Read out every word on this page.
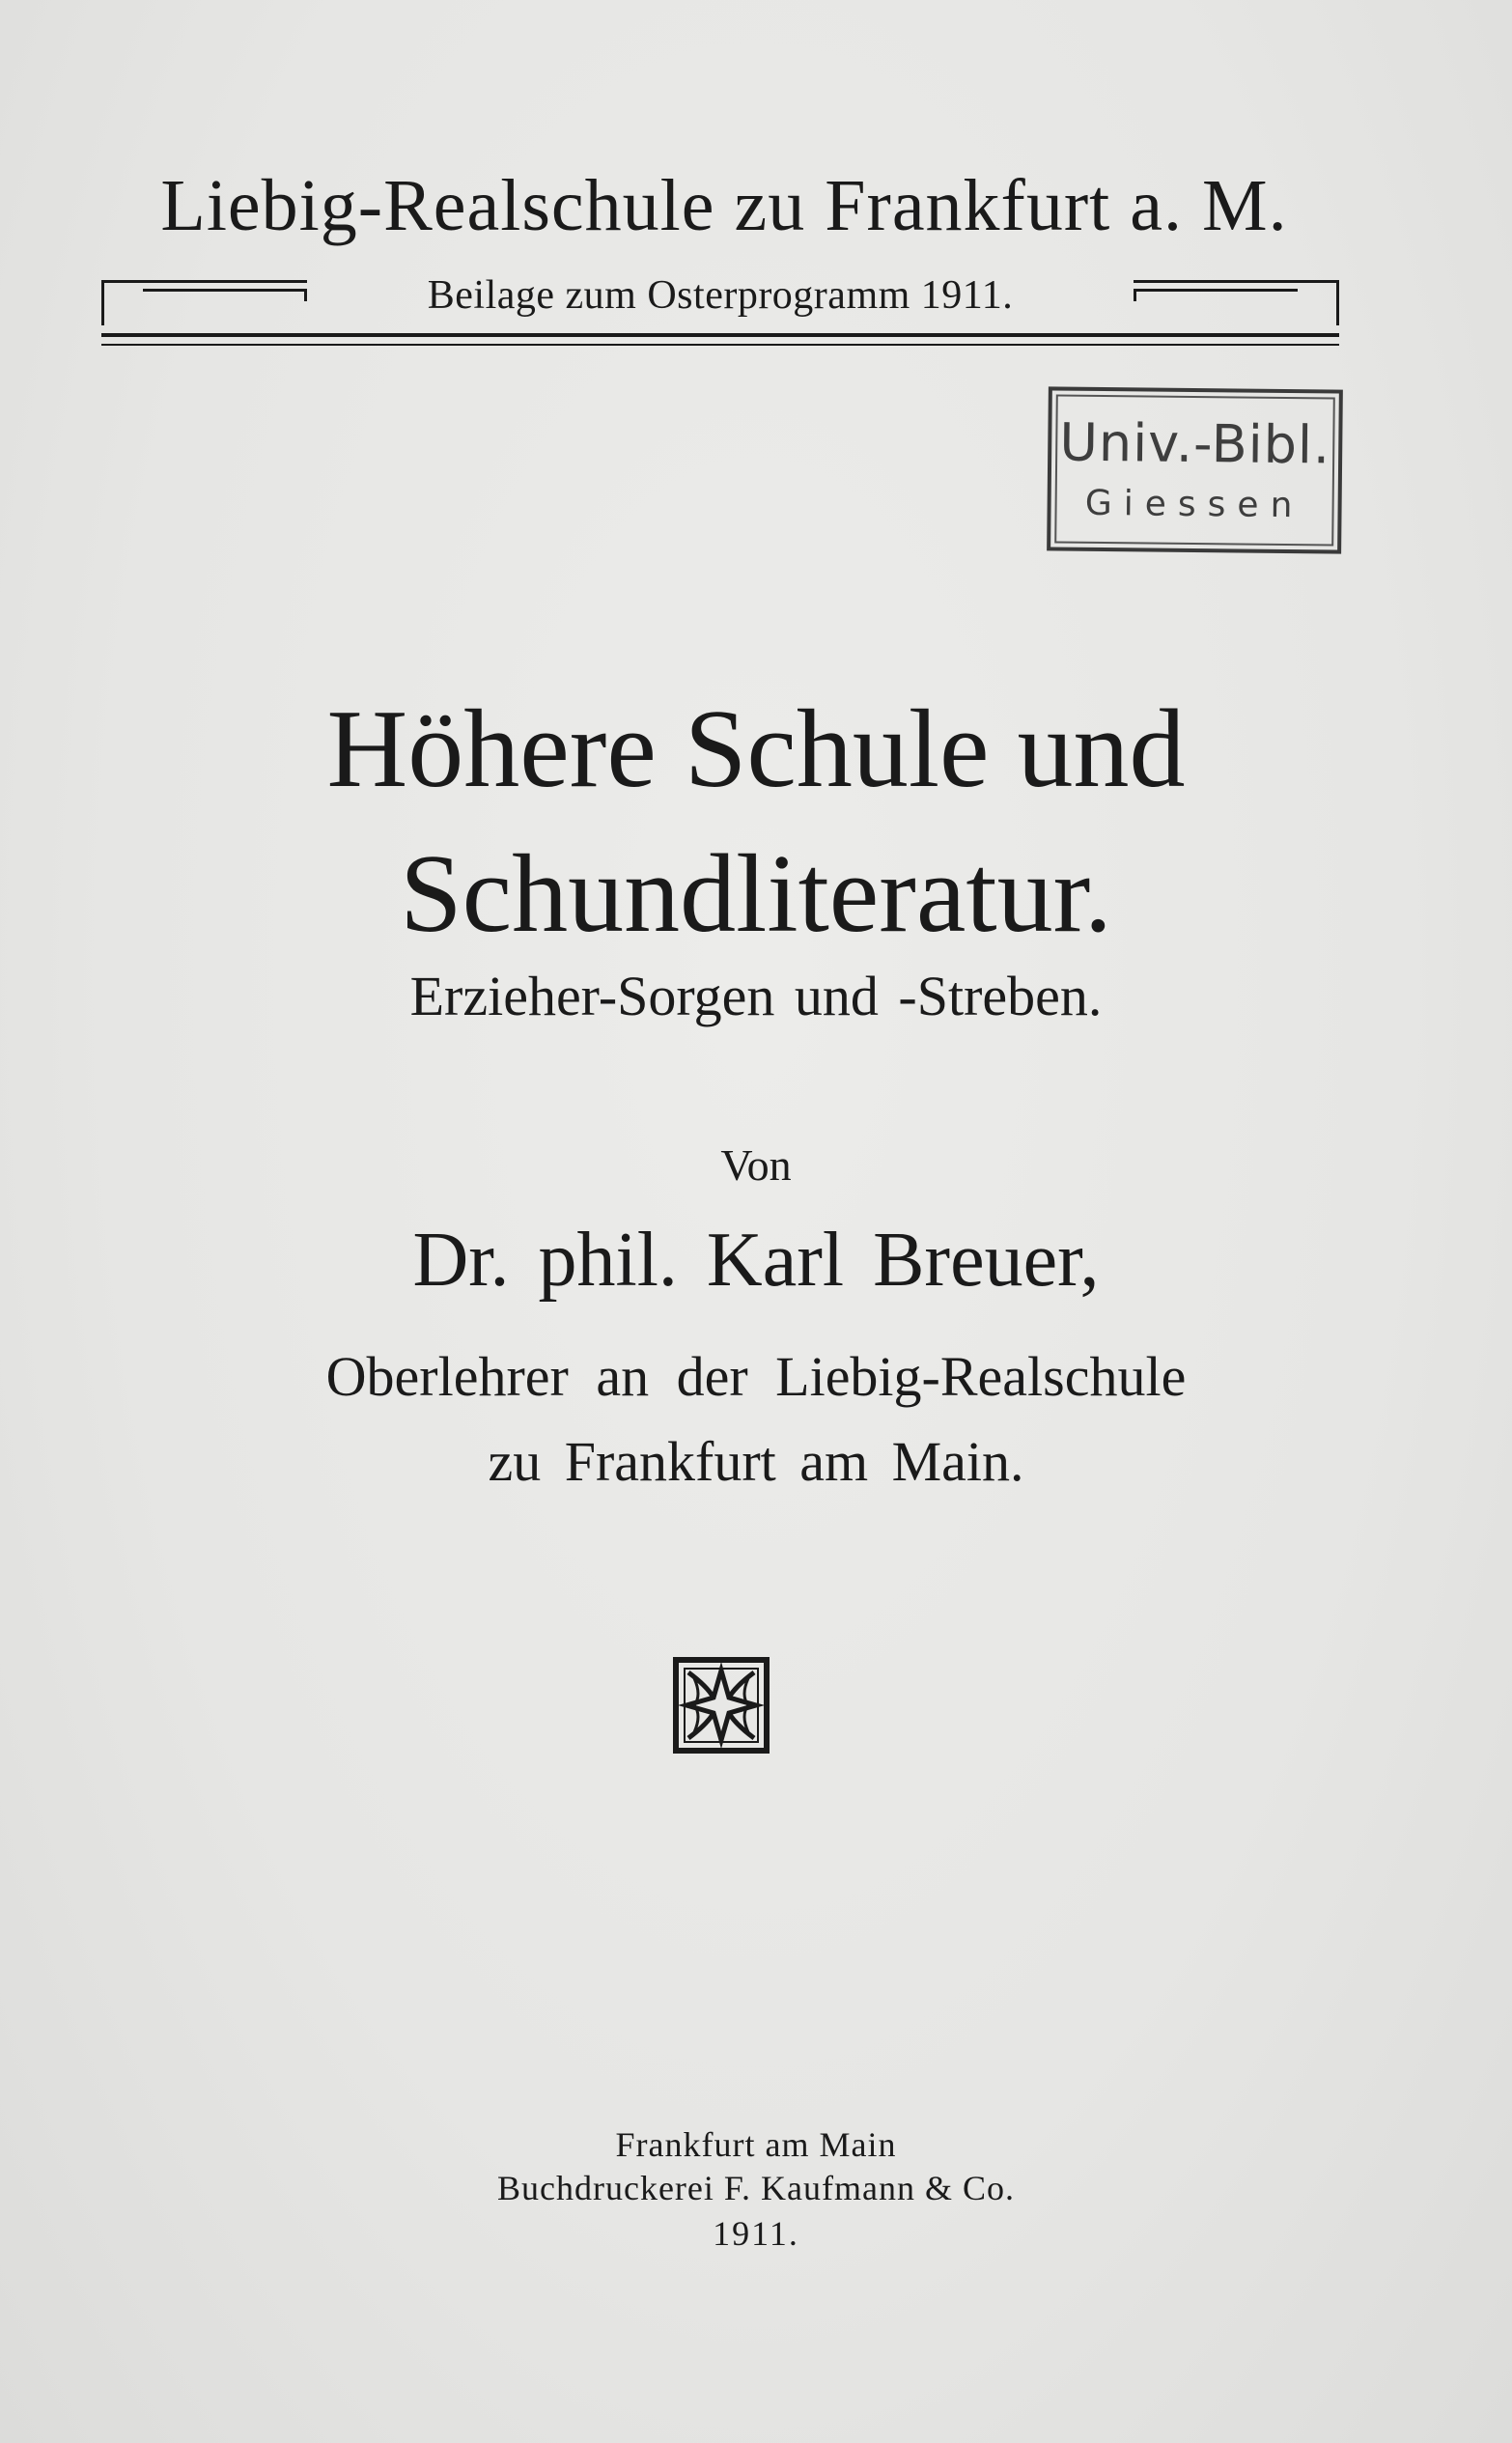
Liebig-Realschule zu Frankfurt a. M.
Beilage zum Osterprogramm 1911.
Univ.-Bibl.
Giessen
Höhere Schule und
Schundliteratur.
Erzieher-Sorgen und -Streben.
Von
Dr. phil. Karl Breuer,
Oberlehrer an der Liebig-Realschule
zu Frankfurt am Main.
Frankfurt am Main
Buchdruckerei F. Kaufmann & Co.
1911.
